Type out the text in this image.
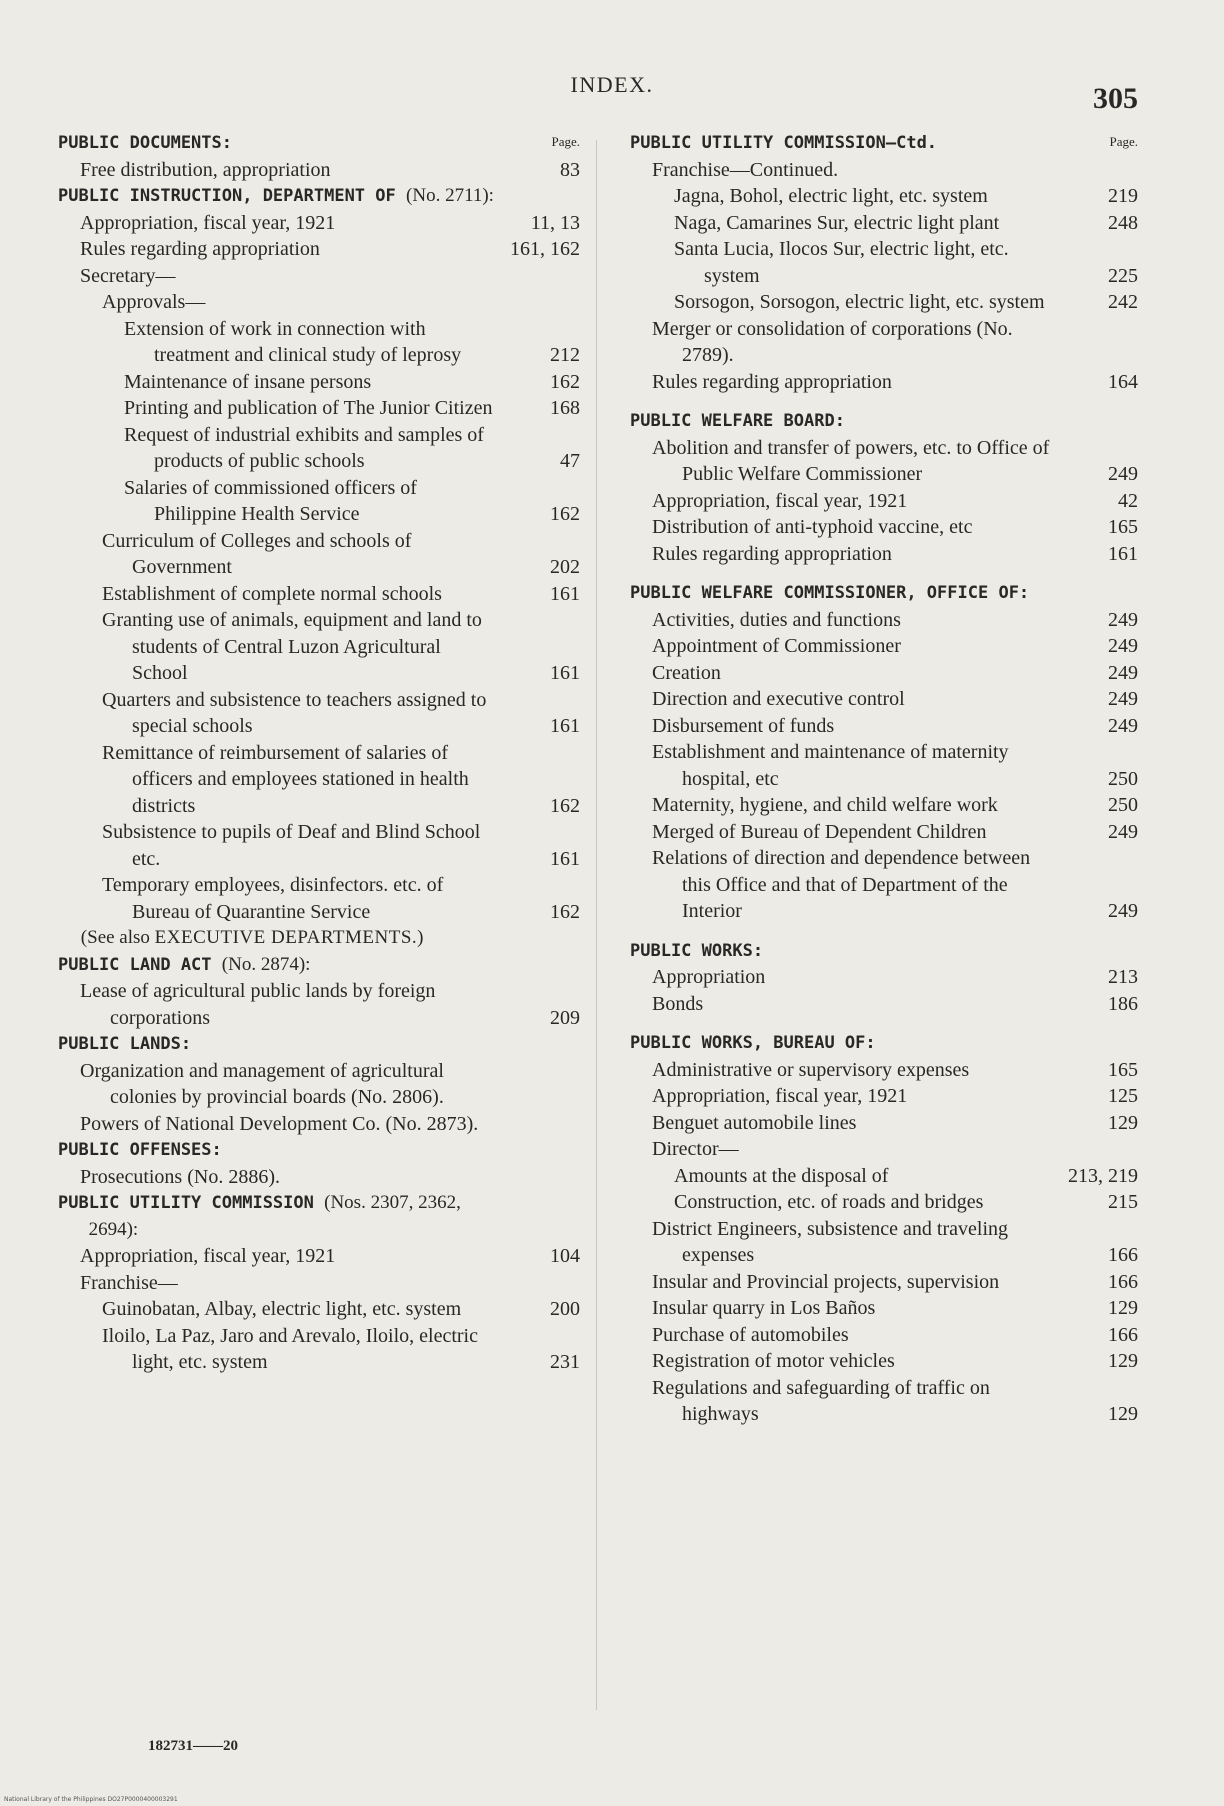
INDEX.	305
PUBLIC DOCUMENTS:	Page.
Free distribution, appropriation	83
PUBLIC INSTRUCTION, DEPARTMENT OF (No. 2711):
Appropriation, fiscal year, 1921	11, 13
Rules regarding appropriation	161, 162
Secretary—
Approvals—
Extension of work in connection with treatment and clinical study of leprosy	212
Maintenance of insane persons	162
Printing and publication of The Junior Citizen	168
Request of industrial exhibits and samples of products of public schools	47
Salaries of commissioned officers of Philippine Health Service	162
Curriculum of Colleges and schools of Government	202
Establishment of complete normal schools	161
Granting use of animals, equipment and land to students of Central Luzon Agricultural School	161
Quarters and subsistence to teachers assigned to special schools	161
Remittance of reimbursement of salaries of officers and employees stationed in health districts	162
Subsistence to pupils of Deaf and Blind School etc.	161
Temporary employees, disinfectors. etc. of Bureau of Quarantine Service	162
(See also EXECUTIVE DEPARTMENTS.)
PUBLIC LAND ACT (No. 2874):
Lease of agricultural public lands by foreign corporations	209
PUBLIC LANDS:
Organization and management of agricultural colonies by provincial boards (No. 2806).
Powers of National Development Co. (No. 2873).
PUBLIC OFFENSES:
Prosecutions (No. 2886).
PUBLIC UTILITY COMMISSION (Nos. 2307, 2362, 2694):
Appropriation, fiscal year, 1921	104
Franchise—
Guinobatan, Albay, electric light, etc. system	200
Iloilo, La Paz, Jaro and Arevalo, Iloilo, electric light, etc. system	231
PUBLIC UTILITY COMMISSION—Ctd.	Page.
Franchise—Continued.
Jagna, Bohol, electric light, etc. system	219
Naga, Camarines Sur, electric light plant	248
Santa Lucia, Ilocos Sur, electric light, etc. system	225
Sorsogon, Sorsogon, electric light, etc. system	242
Merger or consolidation of corporations (No. 2789).
Rules regarding appropriation	164
PUBLIC WELFARE BOARD:
Abolition and transfer of powers, etc. to Office of Public Welfare Commissioner	249
Appropriation, fiscal year, 1921	42
Distribution of anti-typhoid vaccine, etc	165
Rules regarding appropriation	161
PUBLIC WELFARE COMMISSIONER, OFFICE OF:
Activities, duties and functions	249
Appointment of Commissioner	249
Creation	249
Direction and executive control	249
Disbursement of funds	249
Establishment and maintenance of maternity hospital, etc	250
Maternity, hygiene, and child welfare work	250
Merged of Bureau of Dependent Children	249
Relations of direction and dependence between this Office and that of Department of the Interior	249
PUBLIC WORKS:
Appropriation	213
Bonds	186
PUBLIC WORKS, BUREAU OF:
Administrative or supervisory expenses	165
Appropriation, fiscal year, 1921	125
Benguet automobile lines	129
Director—
Amounts at the disposal of	213, 219
Construction, etc. of roads and bridges	215
District Engineers, subsistence and traveling expenses	166
Insular and Provincial projects, supervision	166
Insular quarry in Los Baños	129
Purchase of automobiles	166
Registration of motor vehicles	129
Regulations and safeguarding of traffic on highways	129
182731——20
National Library of the Philippines DO27P0000400003291
